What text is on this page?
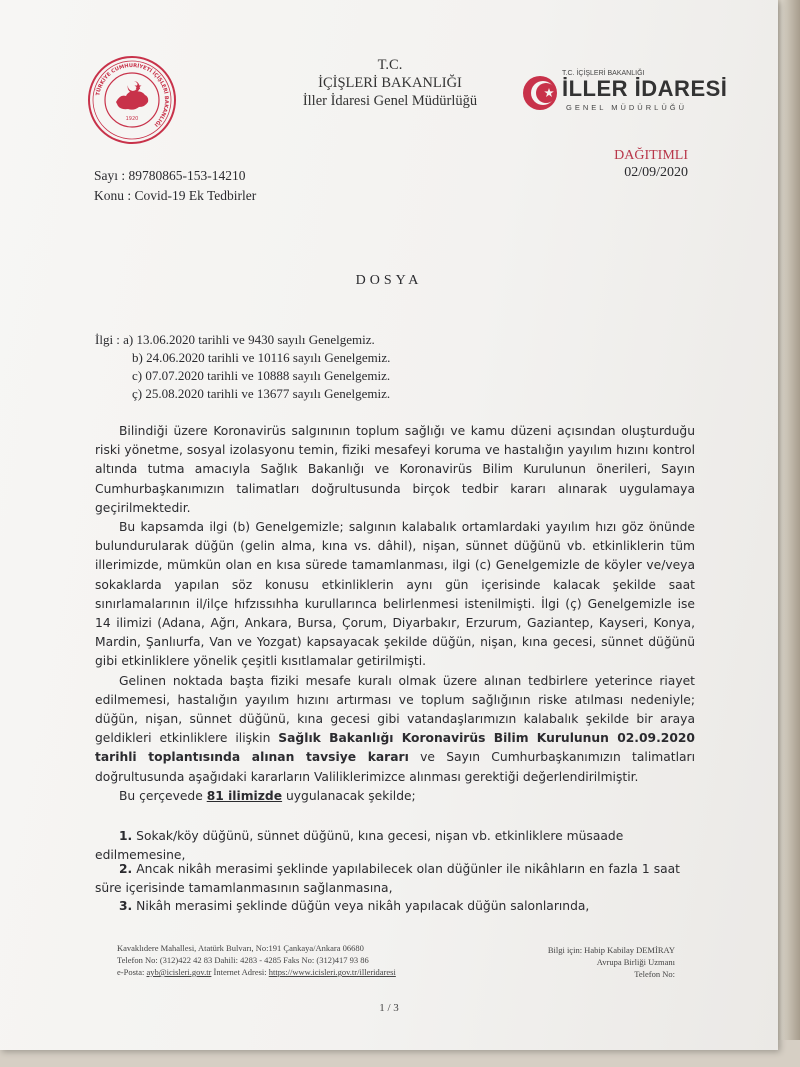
TÜRKİYE CUMHURİYETİ İÇİŞLERİ BAKANLIĞI
1920
T.C.
İÇİŞLERİ BAKANLIĞI
İller İdaresi Genel Müdürlüğü
T.C. İÇİŞLERİ BAKANLIĞI
İLLER İDARESİ
GENEL MÜDÜRLÜĞÜ
Sayı : 89780865-153-14210
Konu : Covid-19 Ek Tedbirler
DAĞITIMLI
02/09/2020
DOSYA
İlgi : a) 13.06.2020 tarihli ve 9430 sayılı Genelgemiz.
b) 24.06.2020 tarihli ve 10116 sayılı Genelgemiz.
c) 07.07.2020 tarihli ve 10888 sayılı Genelgemiz.
ç) 25.08.2020 tarihli ve 13677 sayılı Genelgemiz.

Bilindiği üzere Koronavirüs salgınının toplum sağlığı ve kamu düzeni açısından oluşturduğu riski yönetme, sosyal izolasyonu temin, fiziki mesafeyi koruma ve hastalığın yayılım hızını kontrol altında tutma amacıyla Sağlık Bakanlığı ve Koronavirüs Bilim Kurulunun önerileri, Sayın Cumhurbaşkanımızın talimatları doğrultusunda birçok tedbir kararı alınarak uygulamaya geçirilmektedir.

Bu kapsamda ilgi (b) Genelgemizle; salgının kalabalık ortamlardaki yayılım hızı göz önünde bulundurularak düğün (gelin alma, kına vs. dâhil), nişan, sünnet düğünü vb. etkinliklerin tüm illerimizde, mümkün olan en kısa sürede tamamlanması, ilgi (c) Genelgemizle de köyler ve/veya sokaklarda yapılan söz konusu etkinliklerin aynı gün içerisinde kalacak şekilde saat sınırlamalarının il/ilçe hıfzıssıhha kurullarınca belirlenmesi istenilmişti. İlgi (ç) Genelgemizle ise 14 ilimizi (Adana, Ağrı, Ankara, Bursa, Çorum, Diyarbakır, Erzurum, Gaziantep, Kayseri, Konya, Mardin, Şanlıurfa, Van ve Yozgat) kapsayacak şekilde düğün, nişan, kına gecesi, sünnet düğünü gibi etkinliklere yönelik çeşitli kısıtlamalar getirilmişti.

Gelinen noktada başta fiziki mesafe kuralı olmak üzere alınan tedbirlere yeterince riayet edilmemesi, hastalığın yayılım hızını artırması ve toplum sağlığının riske atılması nedeniyle; düğün, nişan, sünnet düğünü, kına gecesi gibi vatandaşlarımızın kalabalık şekilde bir araya geldikleri etkinliklere ilişkin Sağlık Bakanlığı Koronavirüs Bilim Kurulunun 02.09.2020 tarihli toplantısında alınan tavsiye kararı ve Sayın Cumhurbaşkanımızın talimatları doğrultusunda aşağıdaki kararların Valiliklerimizce alınması gerektiği değerlendirilmiştir.

Bu çerçevede 81 ilimizde uygulanacak şekilde;

1. Sokak/köy düğünü, sünnet düğünü, kına gecesi, nişan vb. etkinliklere müsaade edilmemesine,
2. Ancak nikâh merasimi şeklinde yapılabilecek olan düğünler ile nikâhların en fazla 1 saat süre içerisinde tamamlanmasının sağlanmasına,
3. Nikâh merasimi şeklinde düğün veya nikâh yapılacak düğün salonlarında,
Kavaklıdere Mahallesi, Atatürk Bulvarı, No:191 Çankaya/Ankara 06680
Telefon No: (312)422 42 83 Dahili: 4283 - 4285 Faks No: (312)417 93 86
e-Posta: ayb@icisleri.gov.tr İnternet Adresi: https://www.icisleri.gov.tr/illeridaresi
Bilgi için: Habip Kabilay DEMİRAY
Avrupa Birliği Uzmanı
Telefon No:
1 / 3
